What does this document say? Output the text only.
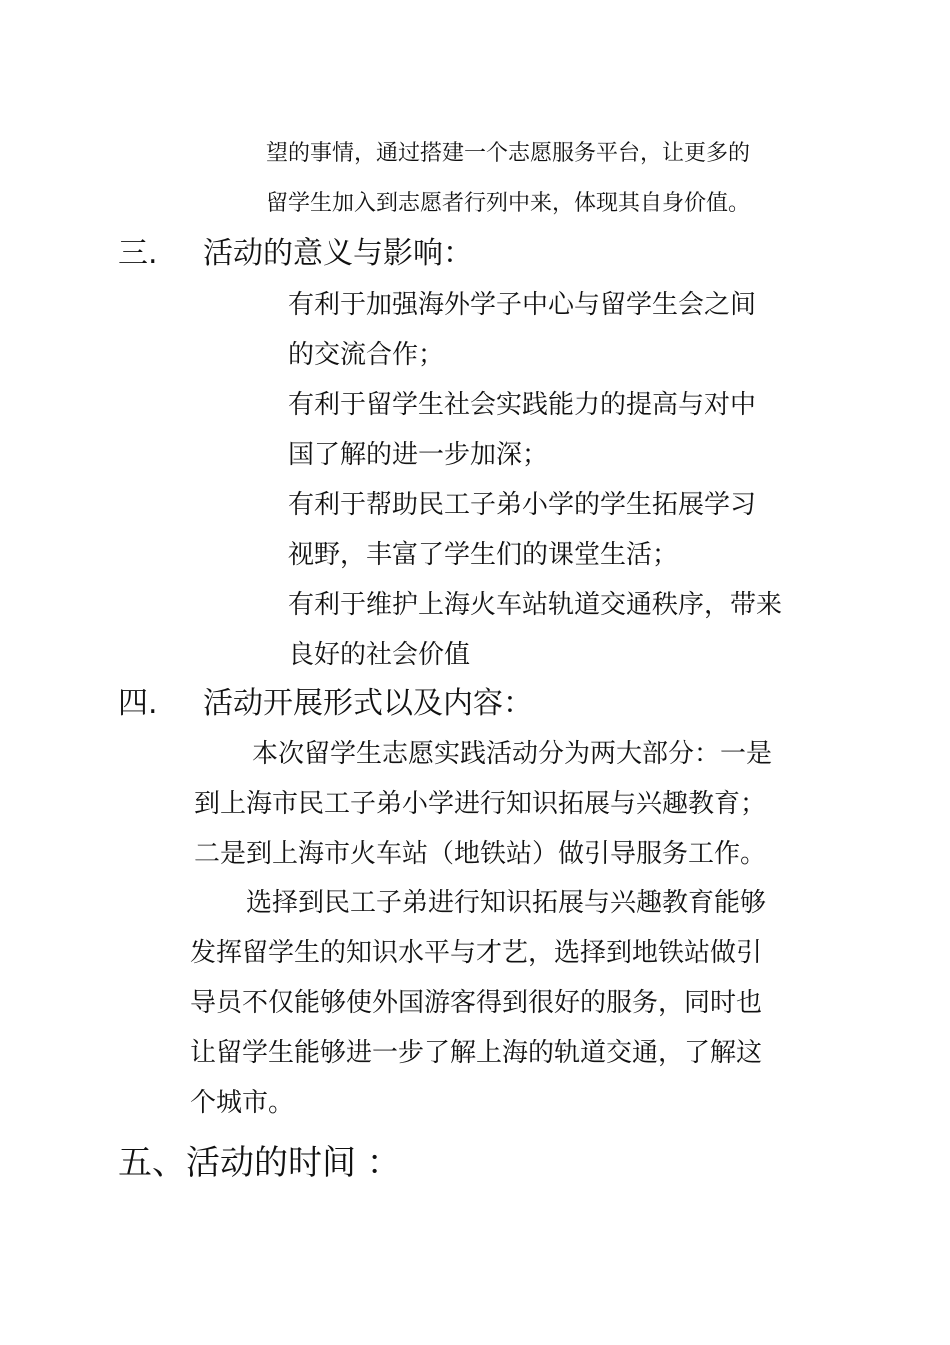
望的事情，通过搭建一个志愿服务平台，让更多的
留学生加入到志愿者行列中来，体现其自身价值。
三. 活动的意义与影响：
有利于加强海外学子中心与留学生会之间
的交流合作；
有利于留学生社会实践能力的提高与对中
国了解的进一步加深；
有利于帮助民工子弟小学的学生拓展学习
视野，丰富了学生们的课堂生活；
有利于维护上海火车站轨道交通秩序，带来
良好的社会价值
四. 活动开展形式以及内容：
本次留学生志愿实践活动分为两大部分：一是
到上海市民工子弟小学进行知识拓展与兴趣教育；
二是到上海市火车站（地铁站）做引导服务工作。
选择到民工子弟进行知识拓展与兴趣教育能够
发挥留学生的知识水平与才艺，选择到地铁站做引
导员不仅能够使外国游客得到很好的服务，同时也
让留学生能够进一步了解上海的轨道交通，了解这
个城市。
五、活动的时间 ：
